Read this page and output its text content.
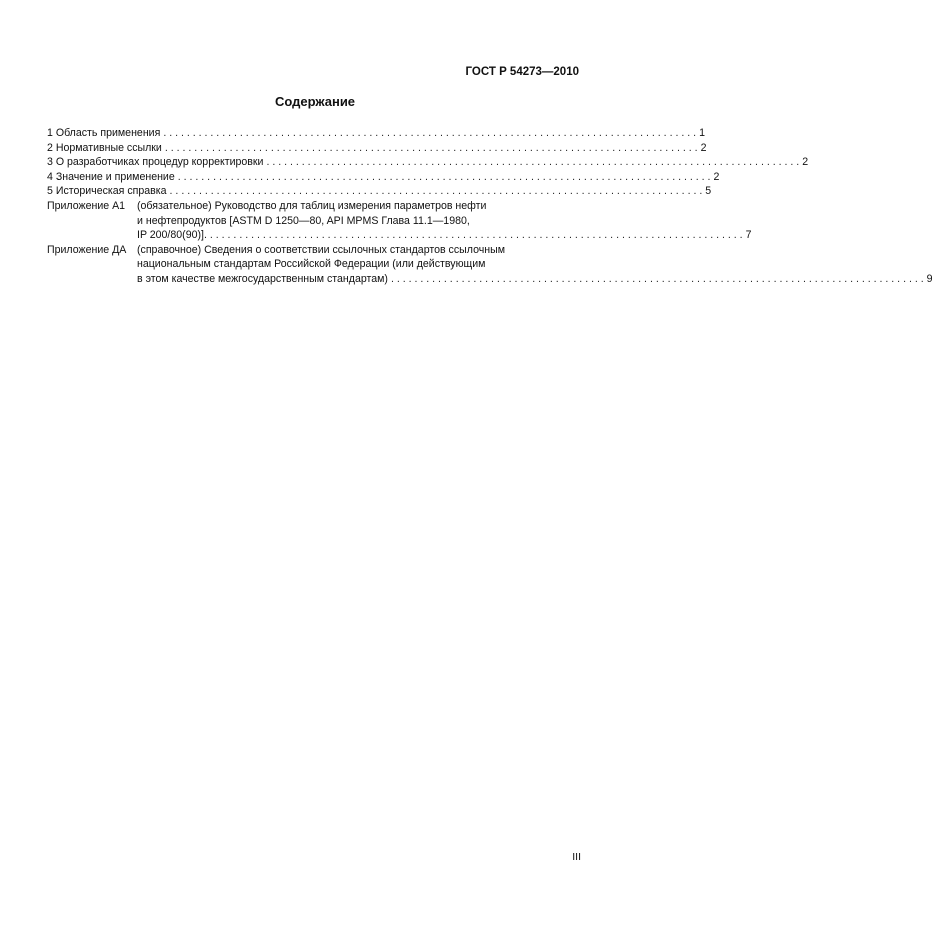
ГОСТ Р 54273—2010
Содержание
1 Область применения . . .	1
2 Нормативные ссылки . . .	2
3 О разработчиках процедур корректировки . . .	2
4 Значение и применение . . .	2
5 Историческая справка . . .	5
Приложение А1	(обязательное) Руководство для таблиц измерения параметров нефти
и нефтепродуктов [ASTM D 1250—80, API MPMS Глава 11.1—1980,
IP 200/80(90)]. . . .	7
Приложение ДА	(справочное) Сведения о соответствии ссылочных стандартов ссылочным
национальным стандартам Российской Федерации (или действующим
в этом качестве межгосударственным стандартам) . . .	9
III
